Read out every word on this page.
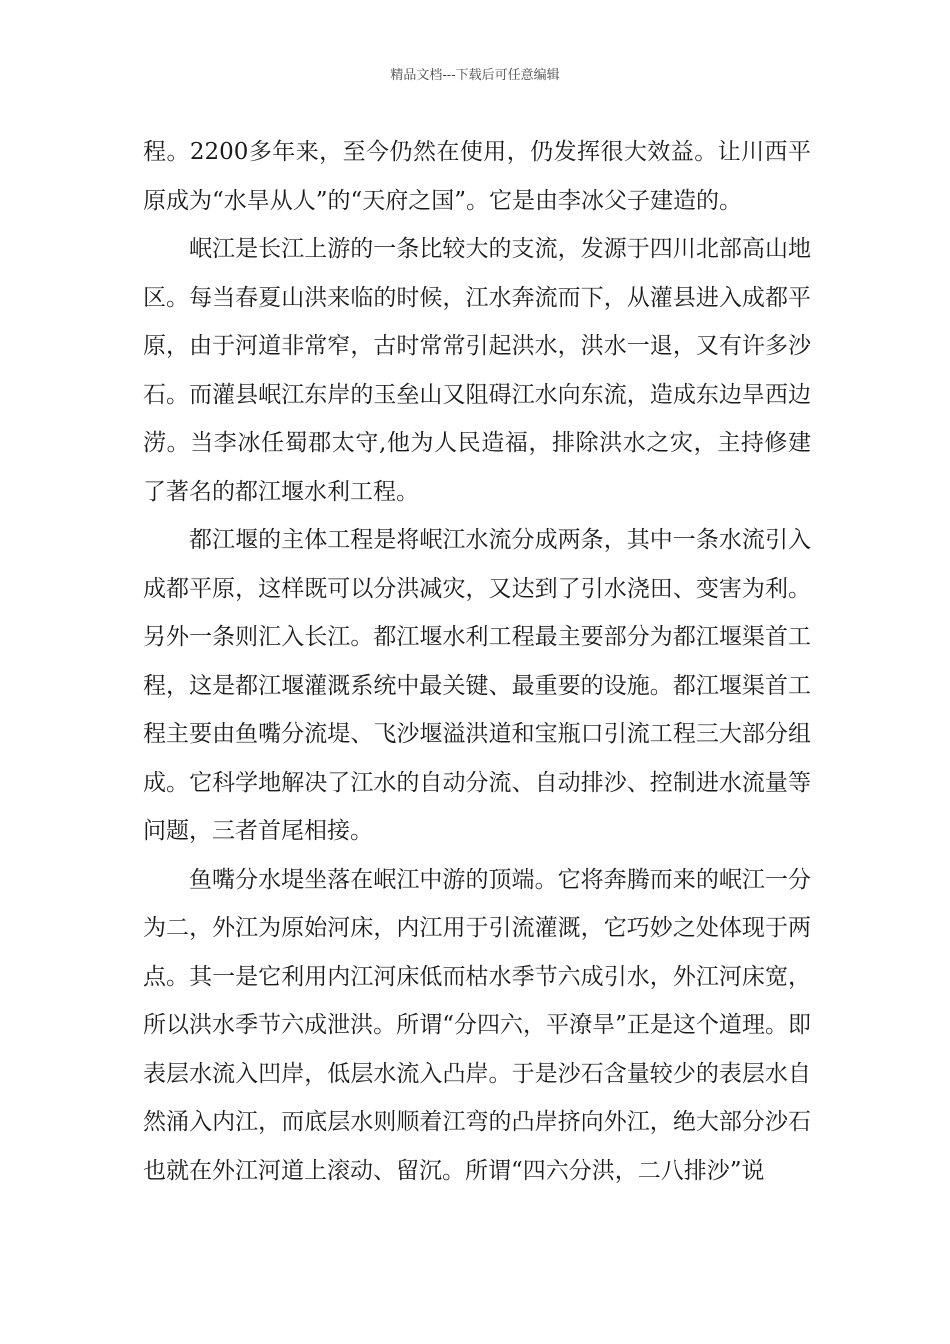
精品文档---下载后可任意编辑

程。2200多年来，至今仍然在使用，仍发挥很大效益。让川西平原成为“水旱从人”的“天府之国”。它是由李冰父子建造的。

岷江是长江上游的一条比较大的支流，发源于四川北部高山地区。每当春夏山洪来临的时候，江水奔流而下，从灌县进入成都平原，由于河道非常窄，古时常常引起洪水，洪水一退，又有许多沙石。而灌县岷江东岸的玉垒山又阻碍江水向东流，造成东边旱西边涝。当李冰任蜀郡太守,他为人民造福，排除洪水之灾，主持修建了著名的都江堰水利工程。

都江堰的主体工程是将岷江水流分成两条，其中一条水流引入成都平原，这样既可以分洪减灾，又达到了引水浇田、变害为利。另外一条则汇入长江。都江堰水利工程最主要部分为都江堰渠首工程，这是都江堰灌溉系统中最关键、最重要的设施。都江堰渠首工程主要由鱼嘴分流堤、飞沙堰溢洪道和宝瓶口引流工程三大部分组成。它科学地解决了江水的自动分流、自动排沙、控制进水流量等问题，三者首尾相接。

鱼嘴分水堤坐落在岷江中游的顶端。它将奔腾而来的岷江一分为二，外江为原始河床，内江用于引流灌溉，它巧妙之处体现于两点。其一是它利用内江河床低而枯水季节六成引水，外江河床宽，所以洪水季节六成泄洪。所谓“分四六，平潦旱”正是这个道理。即表层水流入凹岸，低层水流入凸岸。于是沙石含量较少的表层水自然涌入内江，而底层水则顺着江弯的凸岸挤向外江，绝大部分沙石也就在外江河道上滚动、留沉。所谓“四六分洪，二八排沙”说
